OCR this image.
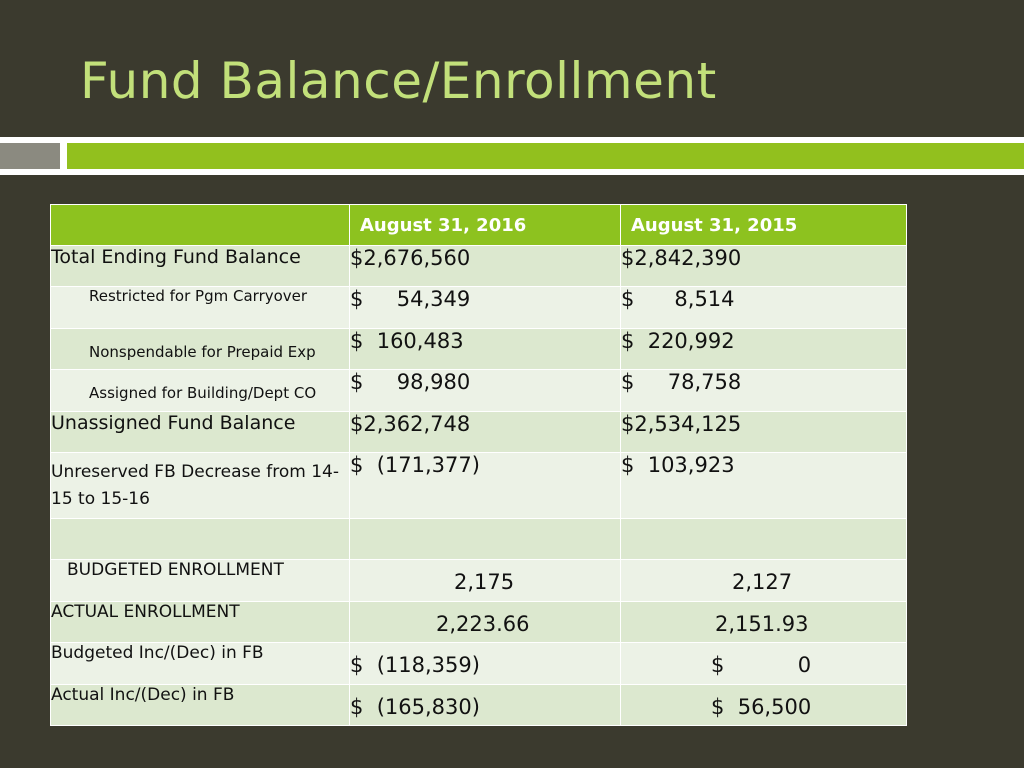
Fund Balance/Enrollment
	August 31, 2016	August 31, 2015
Total Ending Fund Balance	$2,676,560	$2,842,390
Restricted for Pgm Carryover	$     54,349	$      8,514
Nonspendable for Prepaid Exp	$  160,483	$  220,992
Assigned for Building/Dept CO	$     98,980	$     78,758
Unassigned Fund Balance	$2,362,748	$2,534,125
Unreserved FB Decrease from 14-15 to 15-16	$  (171,377)	$  103,923

BUDGETED ENROLLMENT	2,175	2,127
ACTUAL ENROLLMENT	2,223.66	2,151.93
Budgeted Inc/(Dec) in FB	$  (118,359)	$           0
Actual Inc/(Dec) in FB	$  (165,830)	$  56,500
